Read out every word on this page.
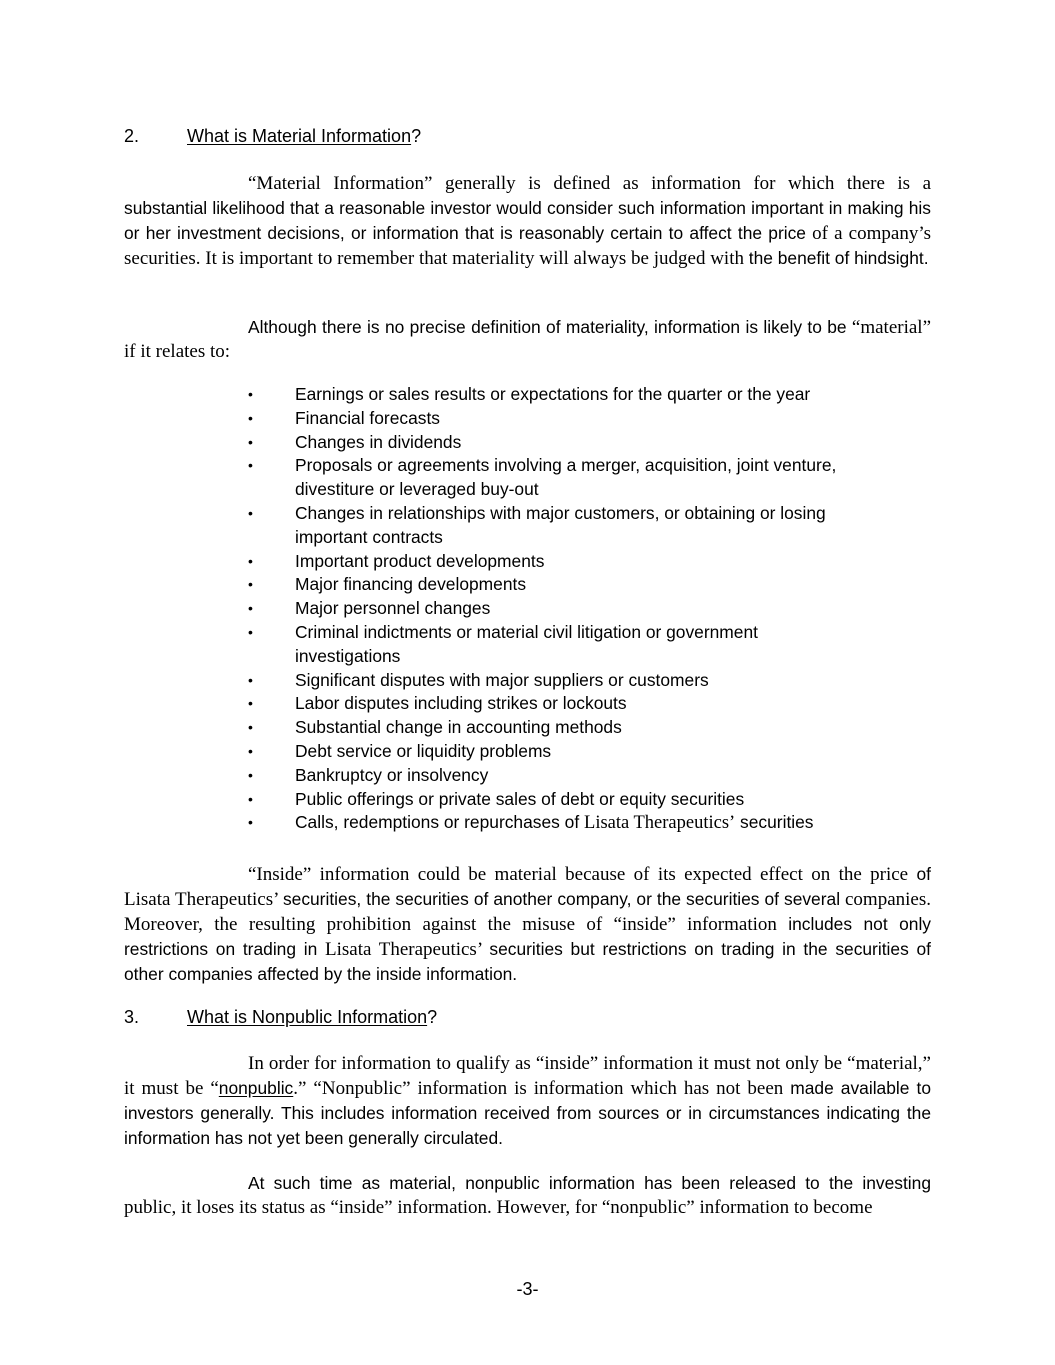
2.	What is Material Information?

“Material Information” generally is defined as information for which there is a substantial likelihood that a reasonable investor would consider such information important in making his or her investment decisions, or information that is reasonably certain to affect the price of a company’s securities. It is important to remember that materiality will always be judged with the benefit of hindsight.

Although there is no precise definition of materiality, information is likely to be “material” if it relates to:

“Inside” information could be material because of its expected effect on the price of Lisata Therapeutics’ securities, the securities of another company, or the securities of several companies. Moreover, the resulting prohibition against the misuse of “inside” information includes not only restrictions on trading in Lisata Therapeutics’ securities but restrictions on trading in the securities of other companies affected by the inside information.

In order for information to qualify as “inside” information it must not only be “material,” it must be “nonpublic.” “Nonpublic” information is information which has not been made available to investors generally. This includes information received from sources or in circumstances indicating the information has not yet been generally circulated.

At such time as material, nonpublic information has been released to the investing public, it loses its status as “inside” information. However, for “nonpublic” information to become

• Earnings or sales results or expectations for the quarter or the year
• Financial forecasts
• Changes in dividends
• Proposals or agreements involving a merger, acquisition, joint venture, divestiture or leveraged buy-out
• Changes in relationships with major customers, or obtaining or losing important contracts
• Important product developments
• Major financing developments
• Major personnel changes
• Criminal indictments or material civil litigation or government investigations
• Significant disputes with major suppliers or customers
• Labor disputes including strikes or lockouts
• Substantial change in accounting methods
• Debt service or liquidity problems
• Bankruptcy or insolvency
• Public offerings or private sales of debt or equity securities
• Calls, redemptions or repurchases of Lisata Therapeutics’ securities
3.	What is Nonpublic Information?
-3-
